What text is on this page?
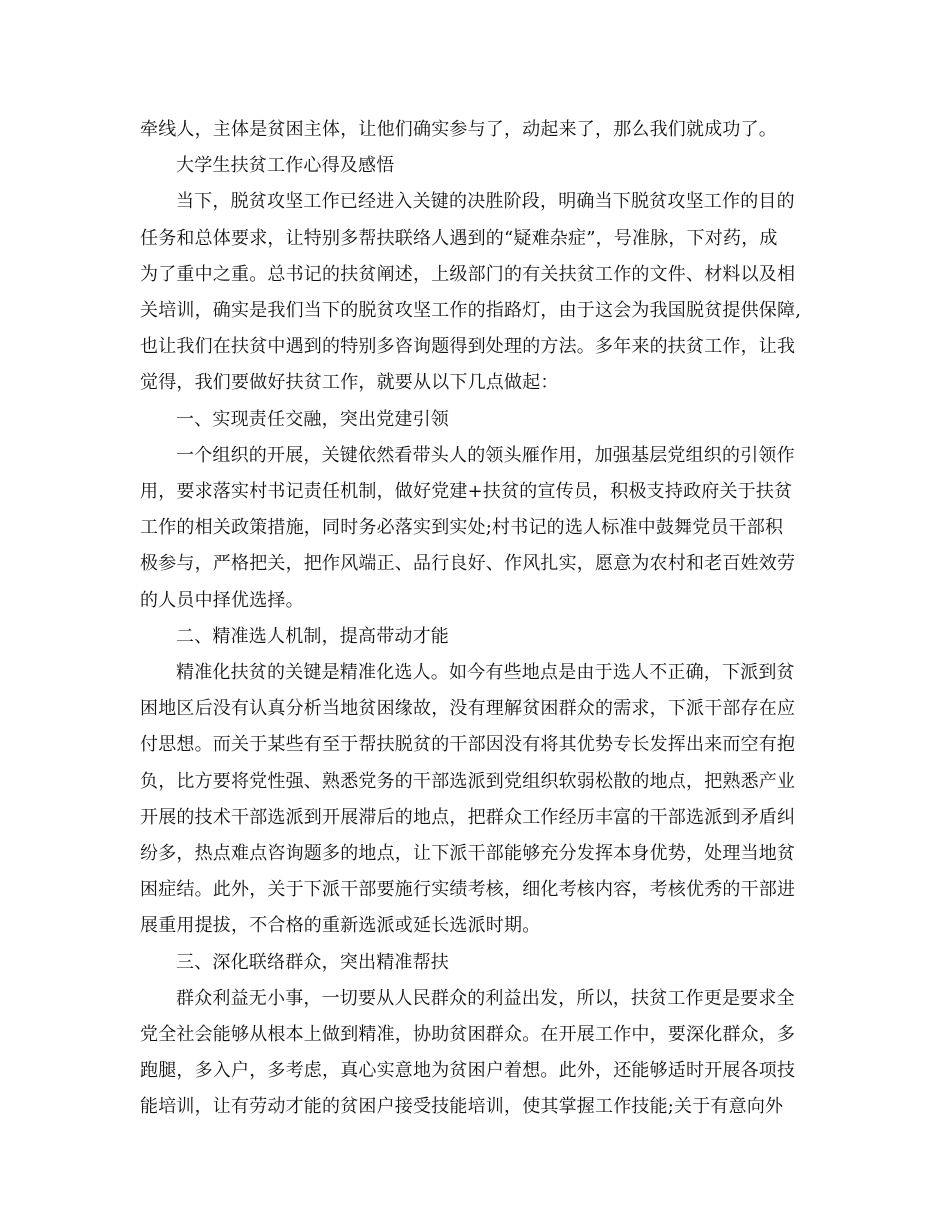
牵线人，主体是贫困主体，让他们确实参与了，动起来了，那么我们就成功了。
大学生扶贫工作心得及感悟
当下，脱贫攻坚工作已经进入关键的决胜阶段，明确当下脱贫攻坚工作的目的
任务和总体要求，让特别多帮扶联络人遇到的“疑难杂症”，号准脉，下对药，成
为了重中之重。总书记的扶贫阐述，上级部门的有关扶贫工作的文件、材料以及相
关培训，确实是我们当下的脱贫攻坚工作的指路灯，由于这会为我国脱贫提供保障,
也让我们在扶贫中遇到的特别多咨询题得到处理的方法。多年来的扶贫工作，让我
觉得，我们要做好扶贫工作，就要从以下几点做起：
一、实现责任交融，突出党建引领
一个组织的开展，关键依然看带头人的领头雁作用，加强基层党组织的引领作
用，要求落实村书记责任机制，做好党建+扶贫的宣传员，积极支持政府关于扶贫
工作的相关政策措施，同时务必落实到实处;村书记的选人标准中鼓舞党员干部积
极参与，严格把关，把作风端正、品行良好、作风扎实，愿意为农村和老百姓效劳
的人员中择优选择。
二、精准选人机制，提高带动才能
精准化扶贫的关键是精准化选人。如今有些地点是由于选人不正确，下派到贫
困地区后没有认真分析当地贫困缘故，没有理解贫困群众的需求，下派干部存在应
付思想。而关于某些有至于帮扶脱贫的干部因没有将其优势专长发挥出来而空有抱
负，比方要将党性强、熟悉党务的干部选派到党组织软弱松散的地点，把熟悉产业
开展的技术干部选派到开展滞后的地点，把群众工作经历丰富的干部选派到矛盾纠
纷多，热点难点咨询题多的地点，让下派干部能够充分发挥本身优势，处理当地贫
困症结。此外，关于下派干部要施行实绩考核，细化考核内容，考核优秀的干部进
展重用提拔，不合格的重新选派或延长选派时期。
三、深化联络群众，突出精准帮扶
群众利益无小事，一切要从人民群众的利益出发，所以，扶贫工作更是要求全
党全社会能够从根本上做到精准，协助贫困群众。在开展工作中，要深化群众，多
跑腿，多入户，多考虑，真心实意地为贫困户着想。此外，还能够适时开展各项技
能培训，让有劳动才能的贫困户接受技能培训，使其掌握工作技能;关于有意向外
